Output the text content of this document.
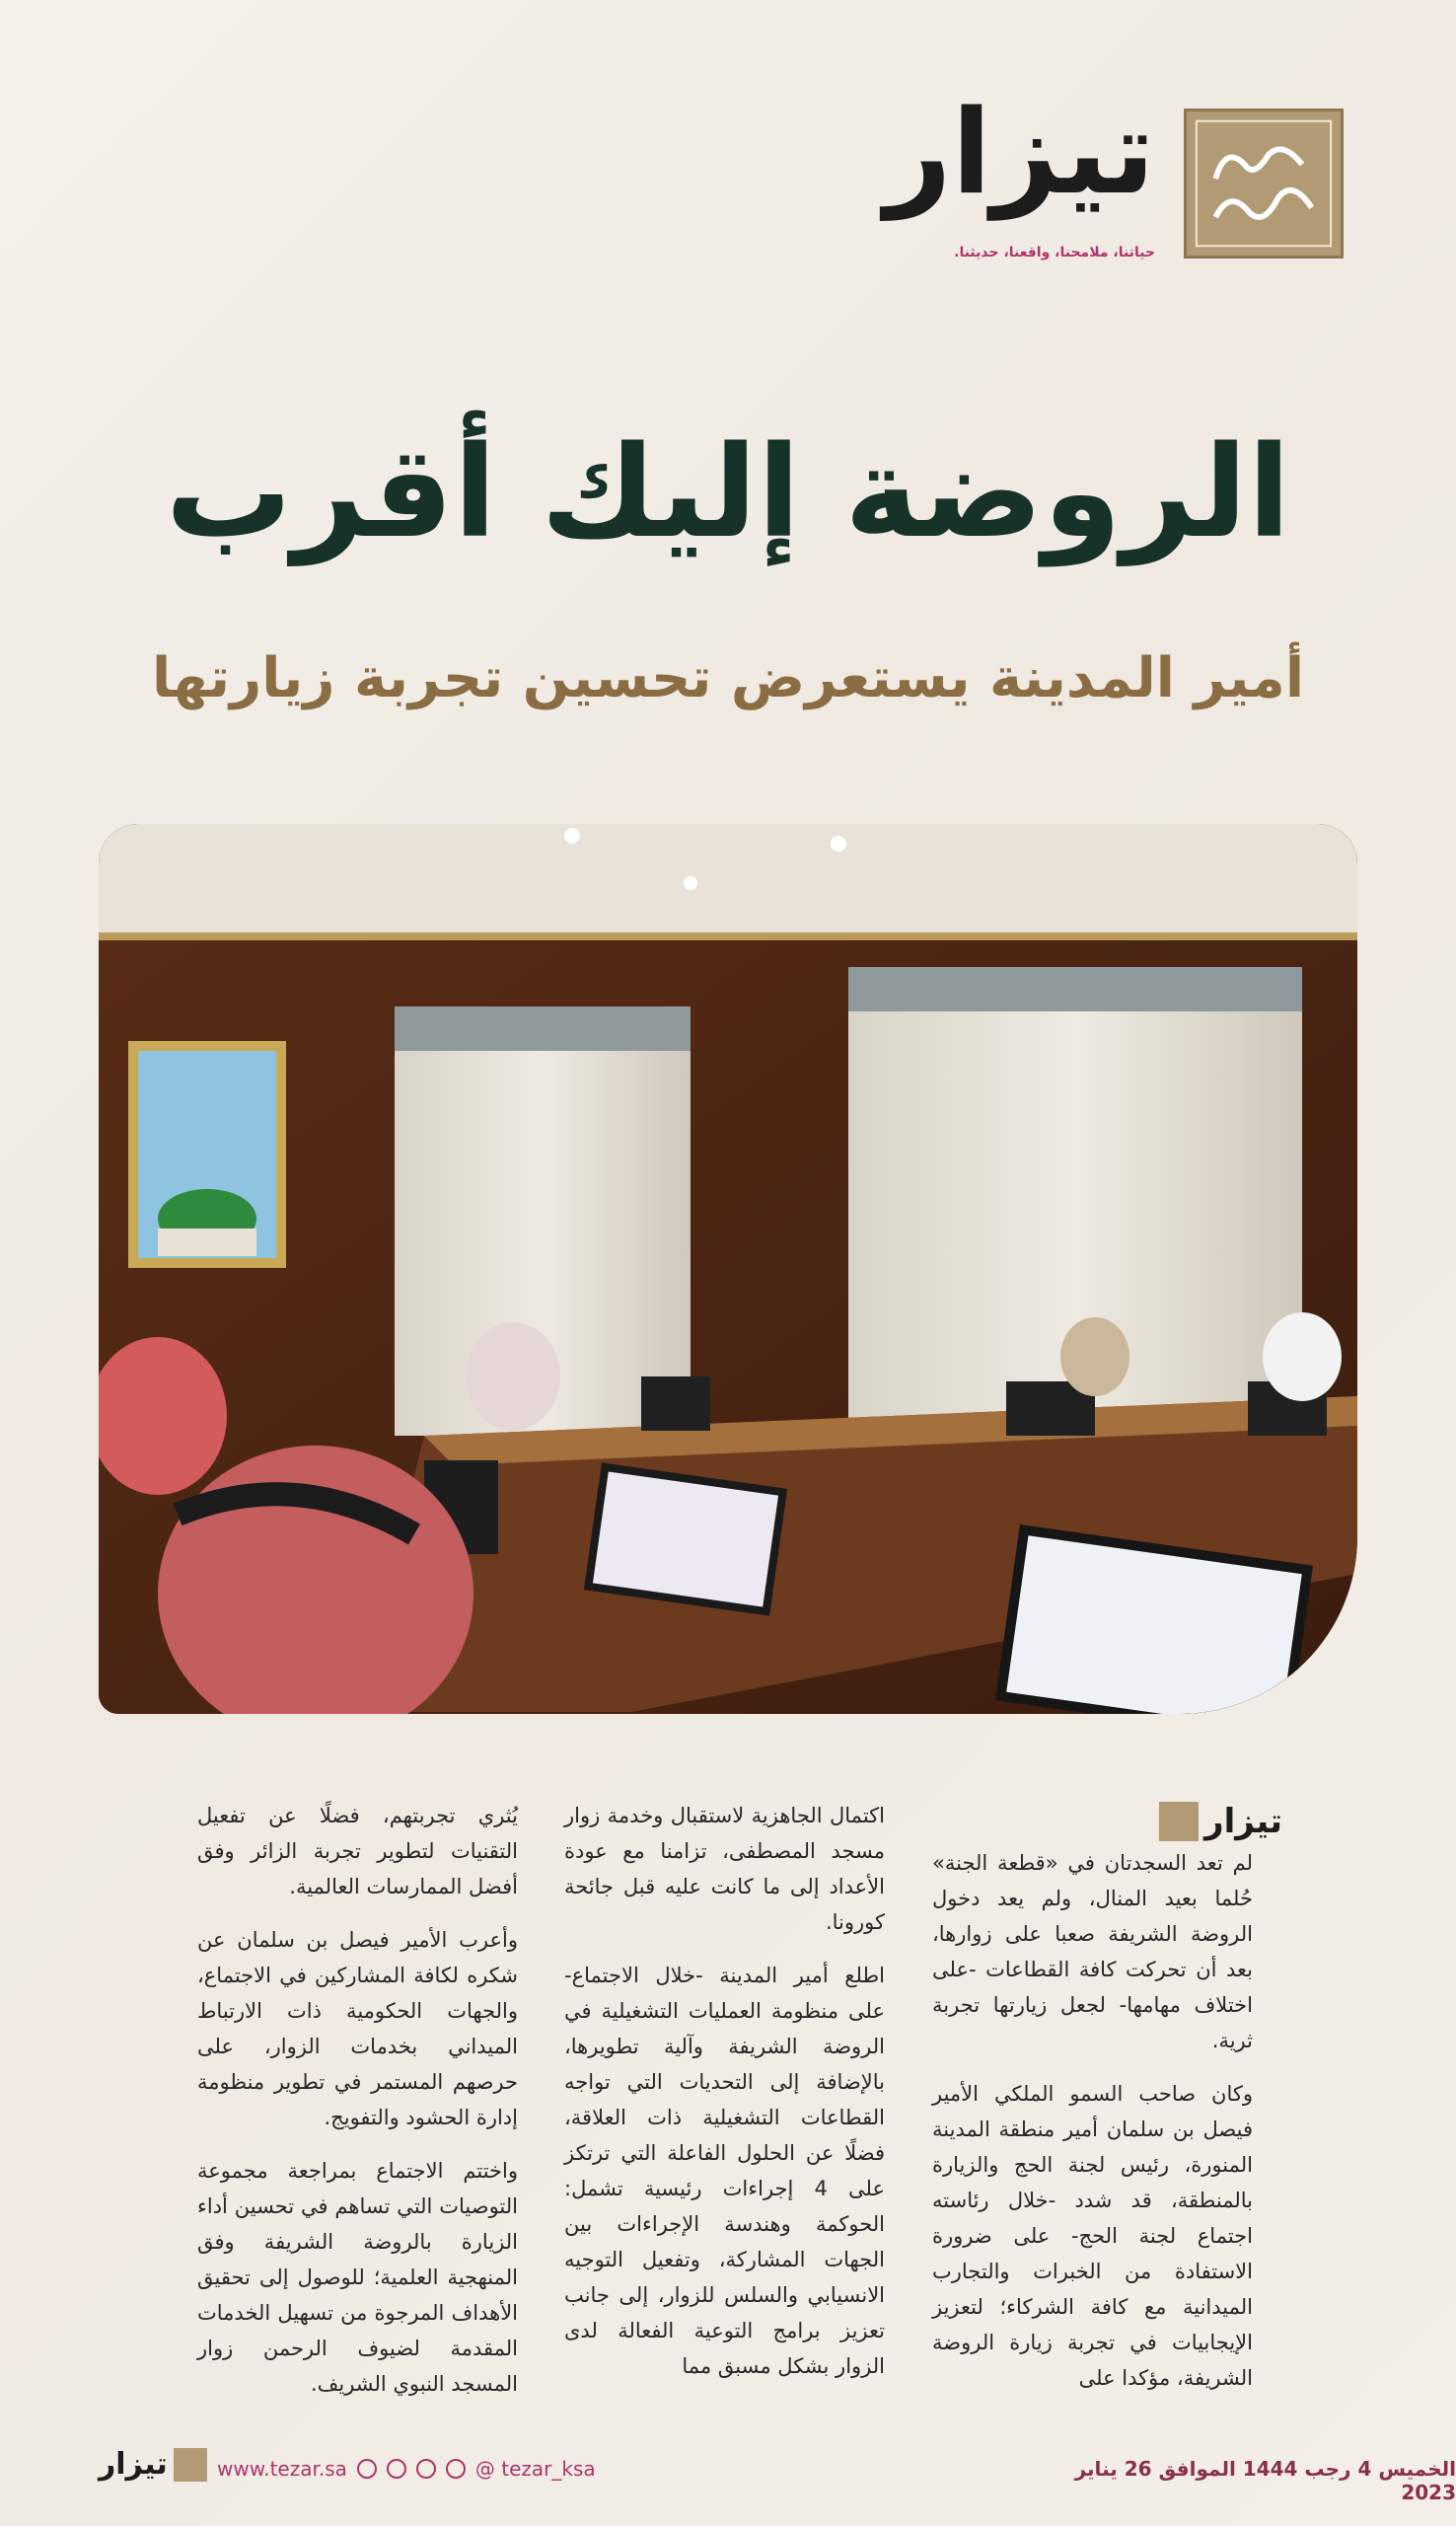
تيزار
حياتنا، ملامحنا، واقعنا، حديثنا.
الروضة إليك أقرب
أمير المدينة يستعرض تحسين تجربة زيارتها
تيزار

لم تعد السجدتان في «قطعة الجنة» حُلما بعيد المنال، ولم يعد دخول الروضة الشريفة صعبا على زوارها، بعد أن تحركت كافة القطاعات -على اختلاف مهامها- لجعل زيارتها تجربة ثرية.

وكان صاحب السمو الملكي الأمير فيصل بن سلمان أمير منطقة المدينة المنورة، رئيس لجنة الحج والزيارة بالمنطقة، قد شدد -خلال رئاسته اجتماع لجنة الحج- على ضرورة الاستفادة من الخبرات والتجارب الميدانية مع كافة الشركاء؛ لتعزيز الإيجابيات في تجربة زيارة الروضة الشريفة، مؤكدا على

اكتمال الجاهزية لاستقبال وخدمة زوار مسجد المصطفى، تزامنا مع عودة الأعداد إلى ما كانت عليه قبل جائحة كورونا.

اطلع أمير المدينة -خلال الاجتماع- على منظومة العمليات التشغيلية في الروضة الشريفة وآلية تطويرها، بالإضافة إلى التحديات التي تواجه القطاعات التشغيلية ذات العلاقة، فضلًا عن الحلول الفاعلة التي ترتكز على 4 إجراءات رئيسية تشمل: الحوكمة وهندسة الإجراءات بين الجهات المشاركة، وتفعيل التوجيه الانسيابي والسلس للزوار، إلى جانب تعزيز برامج التوعية الفعالة لدى الزوار بشكل مسبق مما

يُثري تجربتهم، فضلًا عن تفعيل التقنيات لتطوير تجربة الزائر وفق أفضل الممارسات العالمية.

وأعرب الأمير فيصل بن سلمان عن شكره لكافة المشاركين في الاجتماع، والجهات الحكومية ذات الارتباط الميداني بخدمات الزوار، على حرصهم المستمر في تطوير منظومة إدارة الحشود والتفويج.

واختتم الاجتماع بمراجعة مجموعة التوصيات التي تساهم في تحسين أداء الزيارة بالروضة الشريفة وفق المنهجية العلمية؛ للوصول إلى تحقيق الأهداف المرجوة من تسهيل الخدمات المقدمة لضيوف الرحمن زوار المسجد النبوي الشريف.

الخميس 4 رجب 1444 الموافق 26 يناير 2023
www.tezar.sa	@ tezar_ksa
تيزار
